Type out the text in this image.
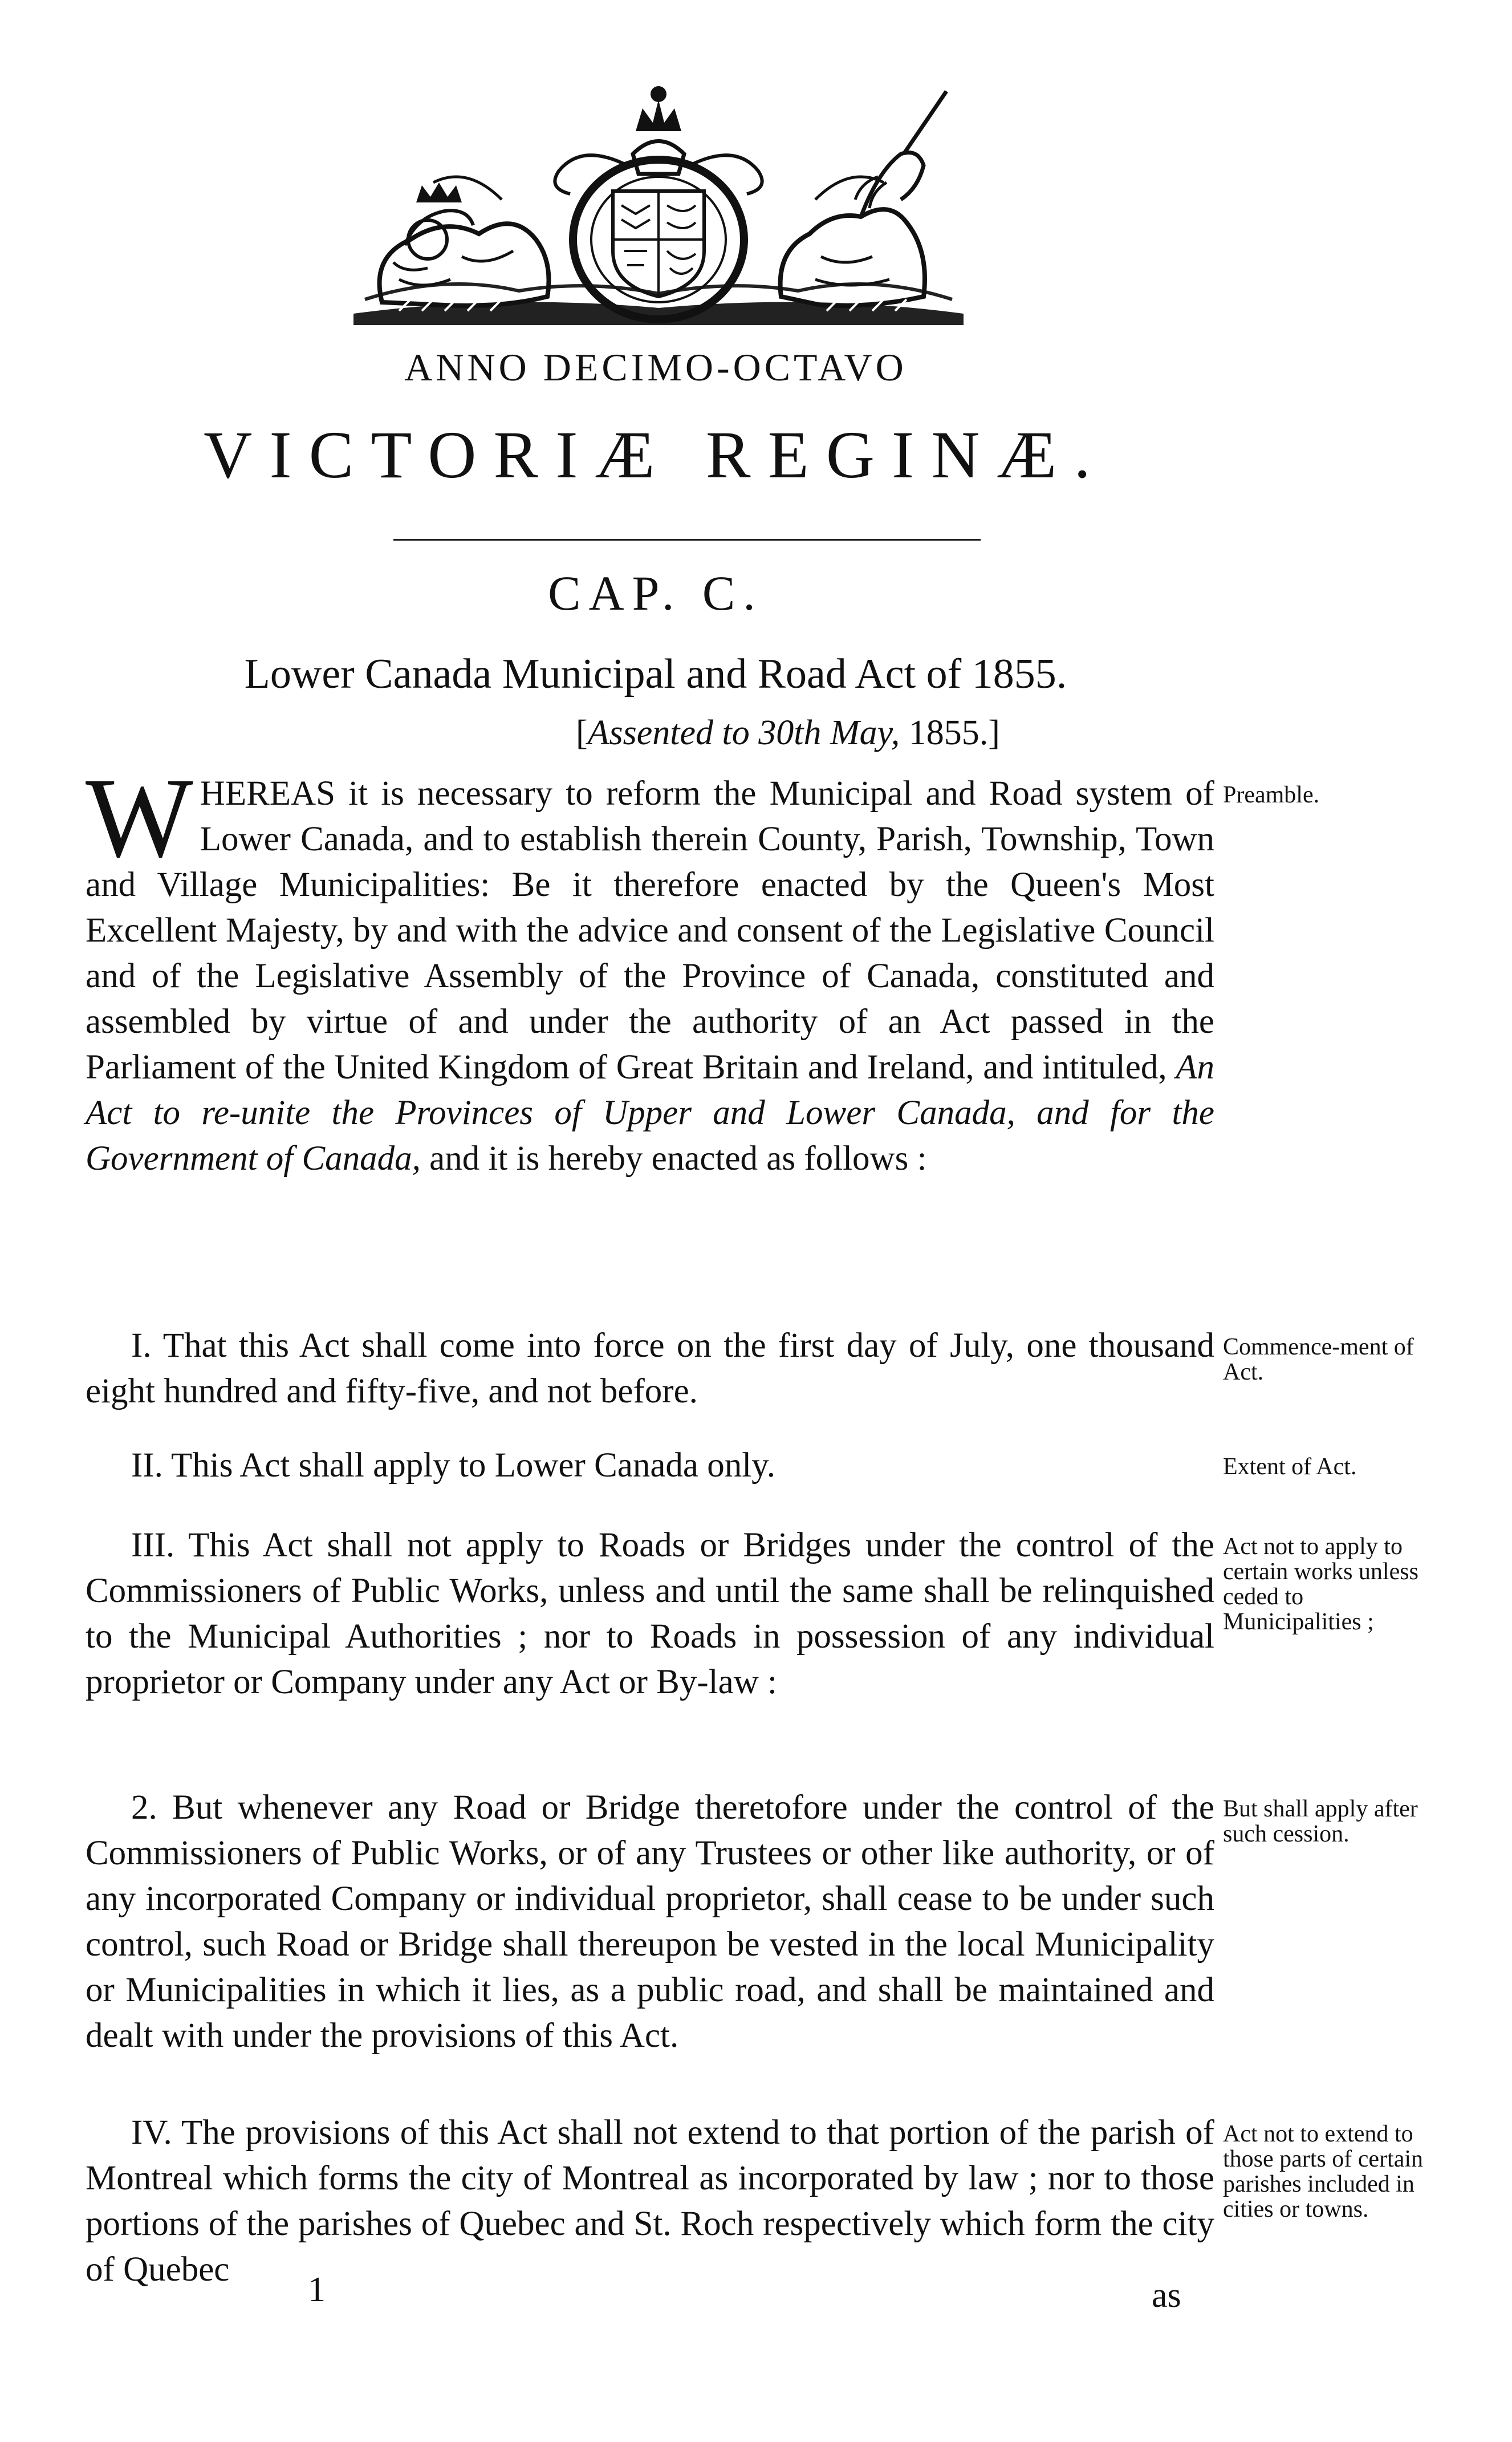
ANNO DECIMO-OCTAVO
VICTORIÆ REGINÆ.
CAP. C.
Lower Canada Municipal and Road Act of 1855.
[Assented to 30th May, 1855.]

WHEREAS it is necessary to reform the Municipal and Road system of Lower Canada, and to establish therein County, Parish, Township, Town and Village Municipalities: Be it therefore enacted by the Queen's Most Excellent Majesty, by and with the advice and consent of the Legislative Council and of the Legislative Assembly of the Province of Canada, constituted and assembled by virtue of and under the authority of an Act passed in the Parliament of the United Kingdom of Great Britain and Ireland, and intituled, An Act to re-unite the Provinces of Upper and Lower Canada, and for the Government of Canada, and it is hereby enacted as follows :

Preamble.

I. That this Act shall come into force on the first day of July, one thousand eight hundred and fifty-five, and not before.

Commence-ment of Act.

II. This Act shall apply to Lower Canada only.	Extent of Act.

III. This Act shall not apply to Roads or Bridges under the control of the Commissioners of Public Works, unless and until the same shall be relinquished to the Municipal Authorities ; nor to Roads in possession of any individual proprietor or Company under any Act or By-law :

Act not to apply to certain works unless ceded to Municipalities ;

2. But whenever any Road or Bridge theretofore under the control of the Commissioners of Public Works, or of any Trustees or other like authority, or of any incorporated Company or individual proprietor, shall cease to be under such control, such Road or Bridge shall thereupon be vested in the local Municipality or Municipalities in which it lies, as a public road, and shall be maintained and dealt with under the provisions of this Act.

But shall apply after such cession.

IV. The provisions of this Act shall not extend to that portion of the parish of Montreal which forms the city of Montreal as incorporated by law ; nor to those portions of the parishes of Quebec and St. Roch respectively which form the city of Quebec

Act not to extend to those parts of certain parishes included in cities or towns.
1	as
